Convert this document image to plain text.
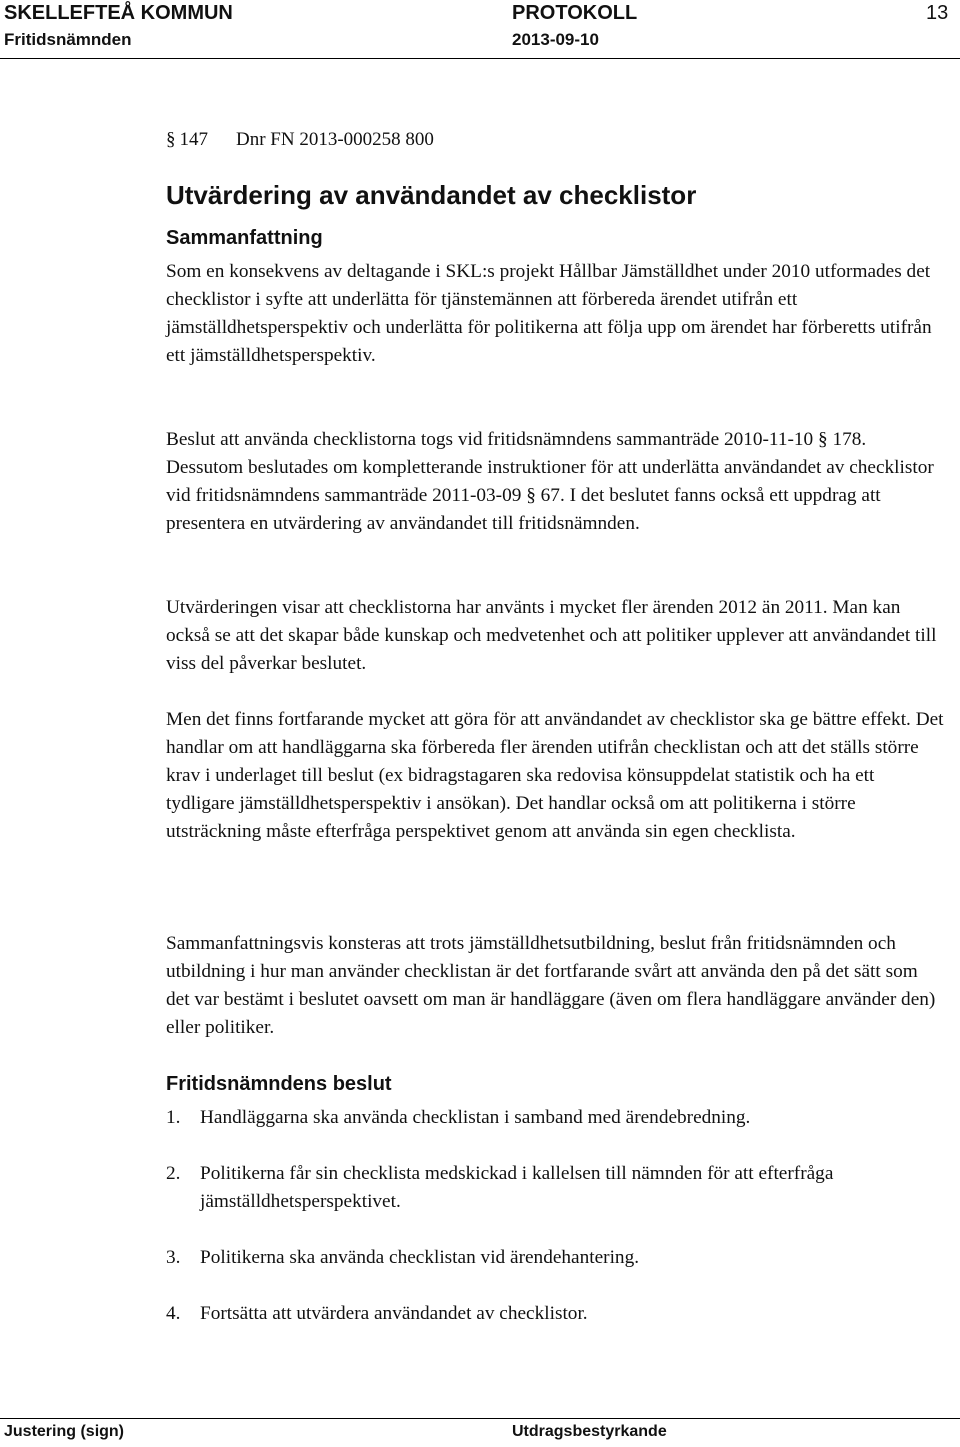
SKELLEFTEÅ KOMMUN	PROTOKOLL	13
Fritidsnämnden	2013-09-10
§ 147 Dnr FN 2013-000258 800
Utvärdering av användandet av checklistor
Sammanfattning

Som en konsekvens av deltagande i SKL:s projekt Hållbar Jämställdhet under 2010 utformades det checklistor i syfte att underlätta för tjänstemännen att förbereda ärendet utifrån ett jämställdhetsperspektiv och underlätta för politikerna att följa upp om ärendet har förberetts utifrån ett jämställdhetsperspektiv.

Beslut att använda checklistorna togs vid fritidsnämndens sammanträde 2010-11-10 § 178. Dessutom beslutades om kompletterande instruktioner för att underlätta användandet av checklistor vid fritidsnämndens sammanträde 2011-03-09 § 67. I det beslutet fanns också ett uppdrag att presentera en utvärdering av användandet till fritidsnämnden.

Utvärderingen visar att checklistorna har använts i mycket fler ärenden 2012 än 2011. Man kan också se att det skapar både kunskap och medvetenhet och att politiker upplever att användandet till viss del påverkar beslutet.

Men det finns fortfarande mycket att göra för att användandet av checklistor ska ge bättre effekt. Det handlar om att handläggarna ska förbereda fler ärenden utifrån checklistan och att det ställs större krav i underlaget till beslut (ex bidragstagaren ska redovisa könsuppdelat statistik och ha ett tydligare jämställdhetsperspektiv i ansökan). Det handlar också om att politikerna i större utsträckning måste efterfråga perspektivet genom att använda sin egen checklista.

Sammanfattningsvis konsteras att trots jämställdhetsutbildning, beslut från fritidsnämnden och utbildning i hur man använder checklistan är det fortfarande svårt att använda den på det sätt som det var bestämt i beslutet oavsett om man är handläggare (även om flera handläggare använder den) eller politiker.

Fritidsnämndens beslut
1.	Handläggarna ska använda checklistan i samband med ärendebredning.
2.	Politikerna får sin checklista medskickad i kallelsen till nämnden för att efterfråga jämställdhetsperspektivet.
3.	Politikerna ska använda checklistan vid ärendehantering.
4.	Fortsätta att utvärdera användandet av checklistor.
Justering (sign)	Utdragsbestyrkande
